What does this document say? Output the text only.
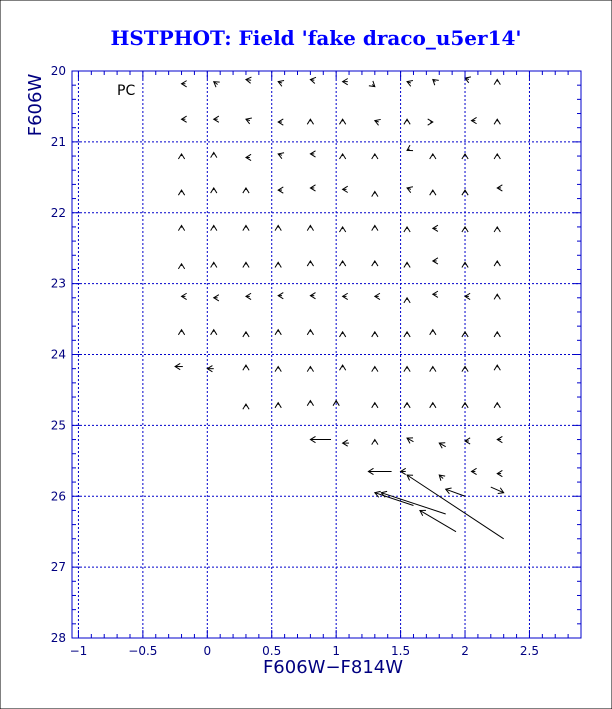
HSTPHOT: Field 'fake draco_u5er14'
−1	−0.5	0	0.5	1	1.5	2	2.5
20
21
22
23
24
25
26
27
28
PC
F606W−F814W
F606W
